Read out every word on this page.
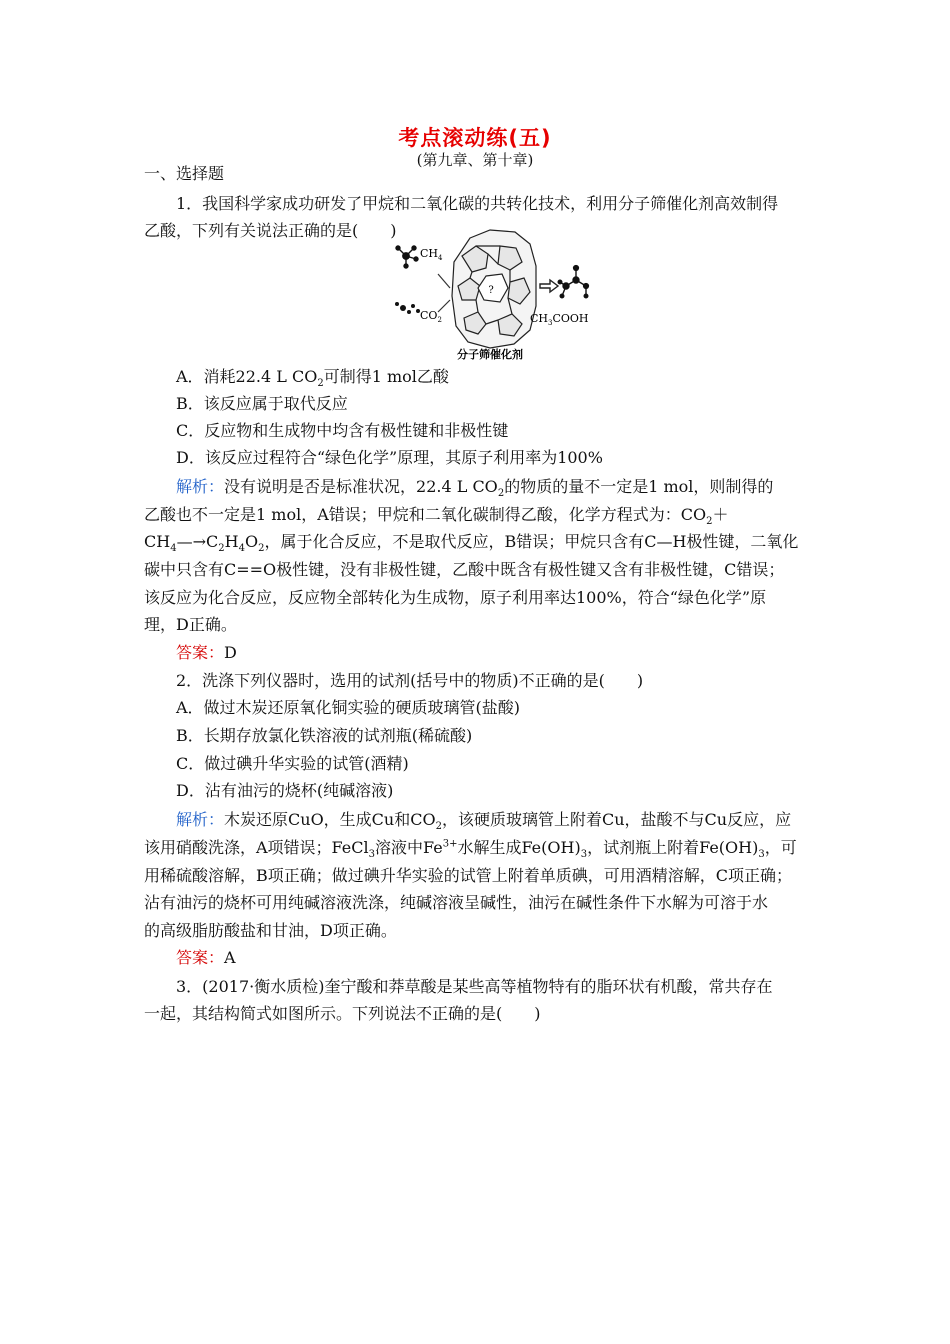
考点滚动练(五)
(第九章、第十章)
一、选择题
1．我国科学家成功研发了甲烷和二氧化碳的共转化技术，利用分子筛催化剂高效制得
乙酸，下列有关说法正确的是(　　)
$CH_4$
$CO_2$
?
$CH_3COOH$
分子筛催化剂
A．消耗22.4 L $CO_2$可制得1 mol乙酸
B．该反应属于取代反应
C．反应物和生成物中均含有极性键和非极性键
D．该反应过程符合“绿色化学”原理，其原子利用率为100%
解析：没有说明是否是标准状况，22.4 L $CO_2$的物质的量不一定是1 mol，则制得的
乙酸也不一定是1 mol，A错误；甲烷和二氧化碳制得乙酸，化学方程式为：$CO_2+$
$CH_4—\to C_2H_4O_2$，属于化合反应，不是取代反应，B错误；甲烷只含有C—H极性键，二氧化
碳中只含有C==O极性键，没有非极性键，乙酸中既含有极性键又含有非极性键，C错误；
该反应为化合反应，反应物全部转化为生成物，原子利用率达100%，符合“绿色化学”原
理，D正确。
答案：D
2．洗涤下列仪器时，选用的试剂(括号中的物质)不正确的是(　　)
A．做过木炭还原氧化铜实验的硬质玻璃管(盐酸)
B．长期存放氯化铁溶液的试剂瓶(稀硫酸)
C．做过碘升华实验的试管(酒精)
D．沾有油污的烧杯(纯碱溶液)
解析：木炭还原CuO，生成Cu和$CO_2$，该硬质玻璃管上附着Cu，盐酸不与Cu反应，应
该用硝酸洗涤，A项错误；FeCl$_3$溶液中$Fe^{3+}$水解生成$Fe(OH)_3$，试剂瓶上附着$Fe(OH)_3$，可
用稀硫酸溶解，B项正确；做过碘升华实验的试管上附着单质碘，可用酒精溶解，C项正确；
沾有油污的烧杯可用纯碱溶液洗涤，纯碱溶液呈碱性，油污在碱性条件下水解为可溶于水
的高级脂肪酸盐和甘油，D项正确。
答案：A
3．(2017·衡水质检)奎宁酸和莽草酸是某些高等植物特有的脂环状有机酸，常共存在
一起，其结构简式如图所示。下列说法不正确的是(　　)
